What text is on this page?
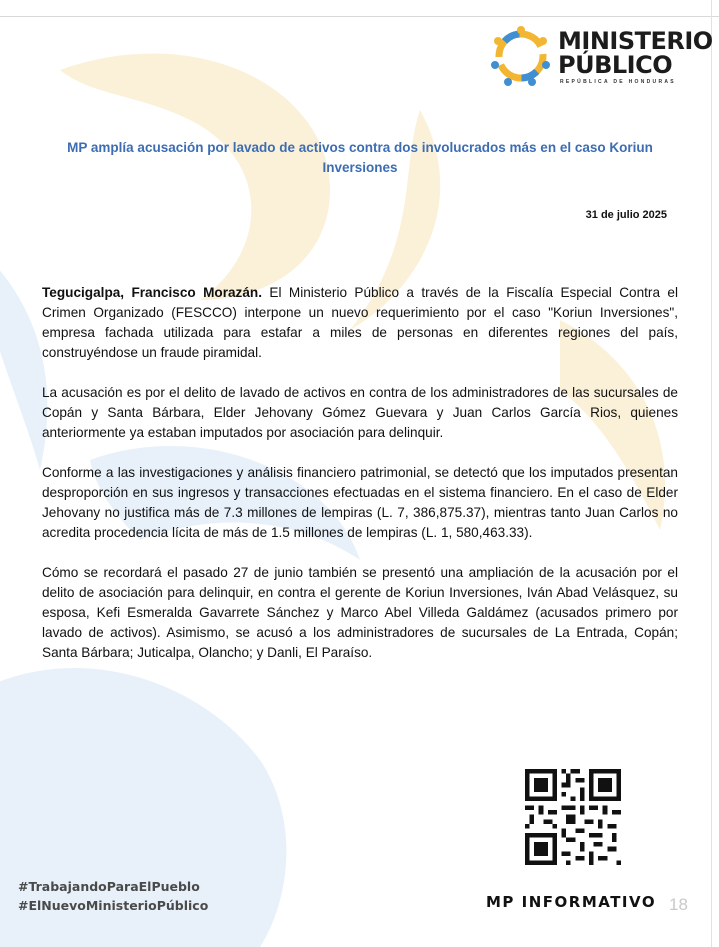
MINISTERIO
PÚBLICO
REPÚBLICA DE HONDURAS
MP amplía acusación por lavado de activos contra dos involucrados más en el caso Koriun Inversiones
31 de julio 2025

Tegucigalpa, Francisco Morazán. El Ministerio Público a través de la Fiscalía Especial Contra el Crimen Organizado (FESCCO) interpone un nuevo requerimiento por el caso "Koriun Inversiones", empresa fachada utilizada para estafar a miles de personas en diferentes regiones del país, construyéndose un fraude piramidal.

La acusación es por el delito de lavado de activos en contra de los administradores de las sucursales de Copán y Santa Bárbara, Elder Jehovany Gómez Guevara y Juan Carlos García Rios, quienes anteriormente ya estaban imputados por asociación para delinquir.

Conforme a las investigaciones y análisis financiero patrimonial, se detectó que los imputados presentan desproporción en sus ingresos y transacciones efectuadas en el sistema financiero. En el caso de Elder Jehovany no justifica más de 7.3 millones de lempiras (L. 7, 386,875.37), mientras tanto Juan Carlos no acredita procedencia lícita de más de 1.5 millones de lempiras (L. 1, 580,463.33).

Cómo se recordará el pasado 27 de junio también se presentó una ampliación de la acusación por el delito de asociación para delinquir, en contra el gerente de Koriun Inversiones, Iván Abad Velásquez, su esposa, Kefi Esmeralda Gavarrete Sánchez y Marco Abel Villeda Galdámez (acusados primero por lavado de activos). Asimismo, se acusó a los administradores de sucursales de La Entrada, Copán; Santa Bárbara; Juticalpa, Olancho; y Danli, El Paraíso.

#TrabajandoParaElPueblo
#ElNuevoMinisterioPúblico	MP INFORMATIVO 18
